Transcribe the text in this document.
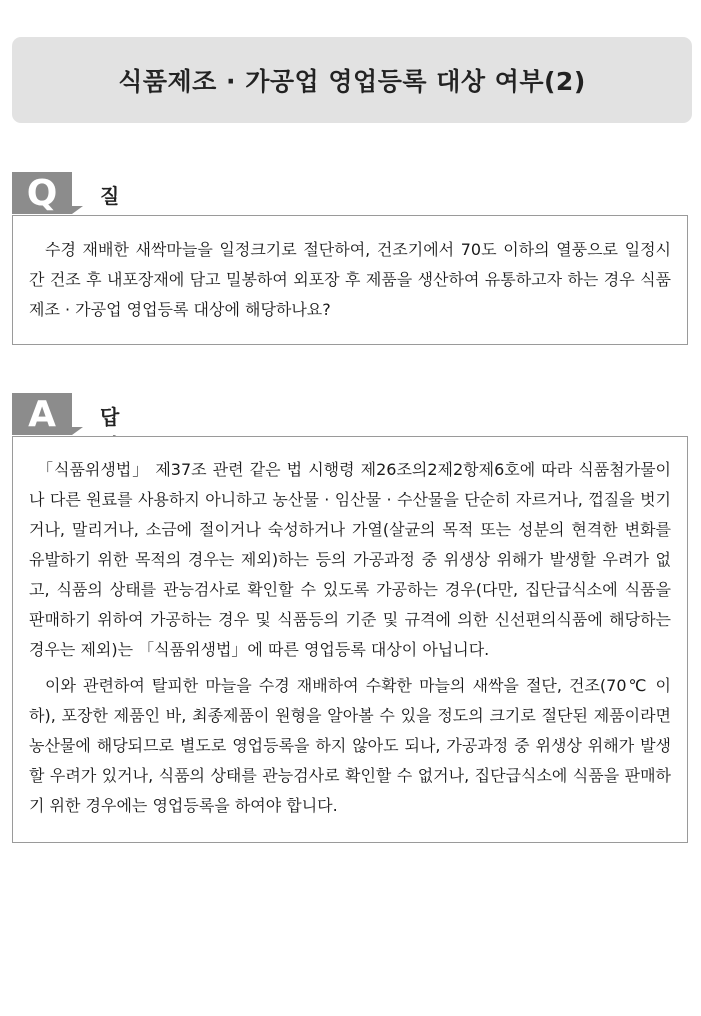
식품제조 · 가공업 영업등록 대상 여부(2)
Q	질

수경 재배한 새싹마늘을 일정크기로 절단하여, 건조기에서 70도 이하의 열풍으로 일정시간 건조 후 내포장재에 담고 밀봉하여 외포장 후 제품을 생산하여 유통하고자 하는 경우 식품제조 · 가공업 영업등록 대상에 해당하나요?

A	답

「식품위생법」 제37조 관련 같은 법 시행령 제26조의2제2항제6호에 따라 식품첨가물이나 다른 원료를 사용하지 아니하고 농산물 · 임산물 · 수산물을 단순히 자르거나, 껍질을 벗기거나, 말리거나, 소금에 절이거나 숙성하거나 가열(살균의 목적 또는 성분의 현격한 변화를 유발하기 위한 목적의 경우는 제외)하는 등의 가공과정 중 위생상 위해가 발생할 우려가 없고, 식품의 상태를 관능검사로 확인할 수 있도록 가공하는 경우(다만, 집단급식소에 식품을 판매하기 위하여 가공하는 경우 및 식품등의 기준 및 규격에 의한 신선편의식품에 해당하는 경우는 제외)는 「식품위생법」에 따른 영업등록 대상이 아닙니다.

이와 관련하여 탈피한 마늘을 수경 재배하여 수확한 마늘의 새싹을 절단, 건조(70℃ 이하), 포장한 제품인 바, 최종제품이 원형을 알아볼 수 있을 정도의 크기로 절단된 제품이라면 농산물에 해당되므로 별도로 영업등록을 하지 않아도 되나, 가공과정 중 위생상 위해가 발생할 우려가 있거나, 식품의 상태를 관능검사로 확인할 수 없거나, 집단급식소에 식품을 판매하기 위한 경우에는 영업등록을 하여야 합니다.
